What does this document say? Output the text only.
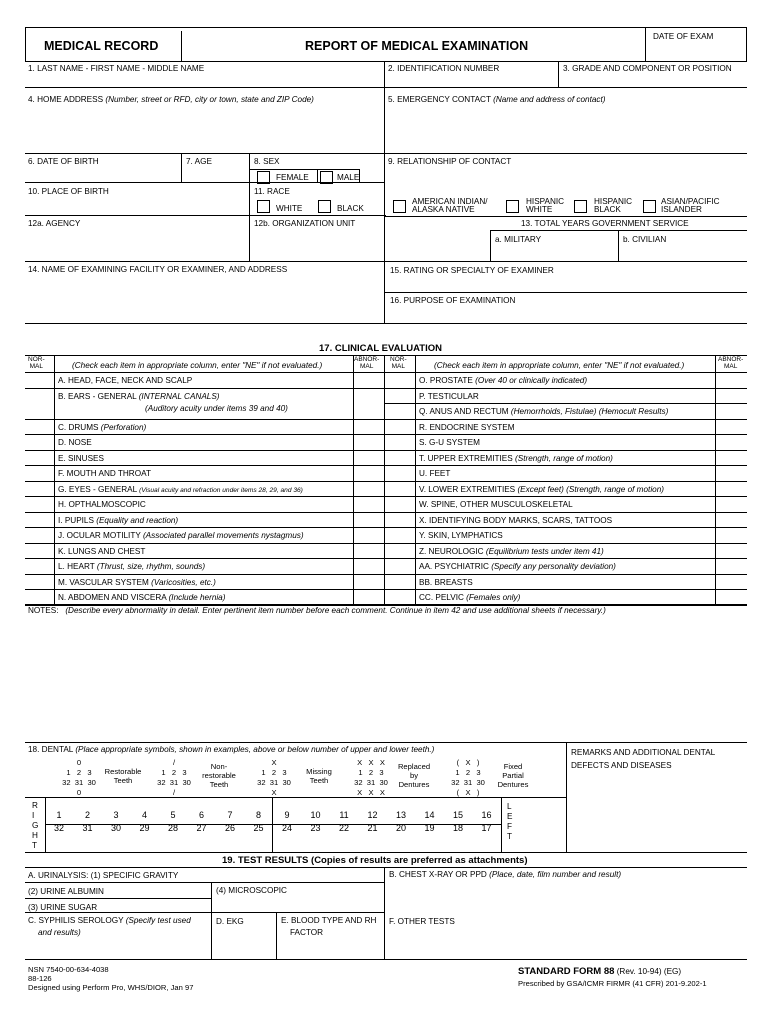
MEDICAL RECORD	REPORT OF MEDICAL EXAMINATION
DATE OF EXAM
1. LAST NAME - FIRST NAME - MIDDLE NAME	2. IDENTIFICATION NUMBER	3. GRADE AND COMPONENT OR POSITION
4. HOME ADDRESS (Number, street or RFD, city or town, state and ZIP Code)	5. EMERGENCY CONTACT (Name and address of contact)
6. DATE OF BIRTH	7. AGE	8. SEX	9. RELATIONSHIP OF CONTACT
FEMALE	MALE
10. PLACE OF BIRTH	11. RACE
WHITE	BLACK
AMERICAN INDIAN/
ALASKA NATIVE
HISPANIC
WHITE
HISPANIC
BLACK
ASIAN/PACIFIC
ISLANDER
12a. AGENCY	12b. ORGANIZATION UNIT	13. TOTAL YEARS GOVERNMENT SERVICE
a. MILITARY	b. CIVILIAN
14. NAME OF EXAMINING FACILITY OR EXAMINER, AND ADDRESS	15. RATING OR SPECIALTY OF EXAMINER
16. PURPOSE OF EXAMINATION
17. CLINICAL EVALUATION
NOR-
MAL	(Check each item in appropriate column, enter "NE" if not evaluated.)
ABNOR-
MAL
NOR-
MAL	(Check each item in appropriate column, enter "NE" if not evaluated.)
ABNOR-
MAL
A. HEAD, FACE, NECK AND SCALP
B. EARS - GENERAL (INTERNAL CANALS)
C. DRUMS (Perforation)
D. NOSE
E. SINUSES
F. MOUTH AND THROAT
G. EYES - GENERAL (Visual acuity and refraction under items 28, 29, and 36)
H. OPTHALMOSCOPIC
I. PUPILS (Equality and reaction)
J. OCULAR MOTILITY (Associated parallel movements nystagmus)
K. LUNGS AND CHEST
L. HEART (Thrust, size, rhythm, sounds)
M. VASCULAR SYSTEM (Varicosities, etc.)
N. ABDOMEN AND VISCERA (Include hernia)
O. PROSTATE (Over 40 or clinically indicated)
P. TESTICULAR
Q. ANUS AND RECTUM (Hemorrhoids, Fistulae) (Hemocult Results)
R. ENDOCRINE SYSTEM
S. G-U SYSTEM
T. UPPER EXTREMITIES (Strength, range of motion)
U. FEET
V. LOWER EXTREMITIES (Except feet) (Strength, range of motion)
W. SPINE, OTHER MUSCULOSKELETAL
X. IDENTIFYING BODY MARKS, SCARS, TATTOOS
Y. SKIN, LYMPHATICS
Z. NEUROLOGIC (Equilibrium tests under item 41)
AA. PSYCHIATRIC (Specify any personality deviation)
BB. BREASTS
CC. PELVIC (Females only)
(Auditory acuity under items 39 and 40)
NOTES: (Describe every abnormality in detail. Enter pertinent item number before each comment. Continue in item 42 and use additional sheets if necessary.)
18. DENTAL (Place appropriate symbols, shown in examples, above or below number of upper and lower teeth.)	REMARKS AND ADDITIONAL DENTAL
DEFECTS AND DISEASES
0
1   2   3
32  31  30
0
Restorable
Teeth
/
1   2   3
32  31  30
/
Non-
restorable
Teeth
X
1   2   3
32  31  30
X
Missing
Teeth
X   X   X
1   2   3
32  31  30
X   X   X
Replaced
by
Dentures
(   X   )
1   2   3
32  31  30
(   X   )
Fixed
Partial
Dentures
R
I
G
H
T
L
E
F
T
1	2	3	4	5	6	7	8	9	10	11	12	13	14	15	16
32	31	30	29	28	27	26	25	24	23	22	21	20	19	18	17
19. TEST RESULTS (Copies of results are preferred as attachments)
A. URINALYSIS: (1) SPECIFIC GRAVITY	B. CHEST X-RAY OR PPD (Place, date, film number and result)
(2) URINE ALBUMIN	(4) MICROSCOPIC
(3) URINE SUGAR
C. SYPHILIS SEROLOGY (Specify test used
and results)
D. EKG	E. BLOOD TYPE AND RH
FACTOR
F. OTHER TESTS
NSN 7540-00-634-4038
88-126
Designed using Perform Pro, WHS/DIOR, Jan 97
STANDARD FORM 88 (Rev. 10-94) (EG)
Prescribed by GSA/ICMR FIRMR (41 CFR) 201-9.202-1
